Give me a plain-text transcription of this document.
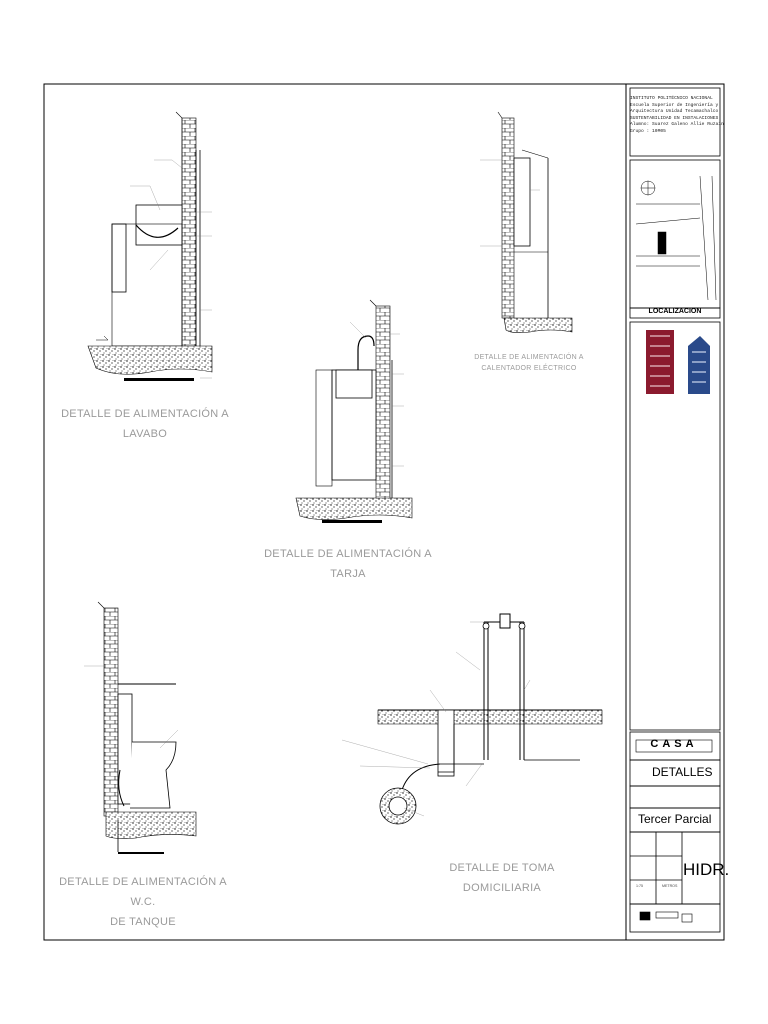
DETALLE DE ALIMENTACIÓN A
LAVABO
DETALLE DE ALIMENTACIÓN A
TARJA
DETALLE DE ALIMENTACIÓN A
CALENTADOR ELÉCTRICO
DETALLE DE ALIMENTACIÓN A W.C.
DE TANQUE
DETALLE DE TOMA DOMICILIARIA
INSTITUTO POLITÉCNICO NACIONAL
Escuela Superior de Ingeniería y
Arquitectura Unidad Tecamachalco
SUSTENTABILIDAD EN INSTALACIONES
Alumno: Suarez Galeno Allie Ruzain
Grupo : 10M05
LOCALIZACION
CASA
DETALLES
Tercer Parcial
HIDR.
1:75	METROS
